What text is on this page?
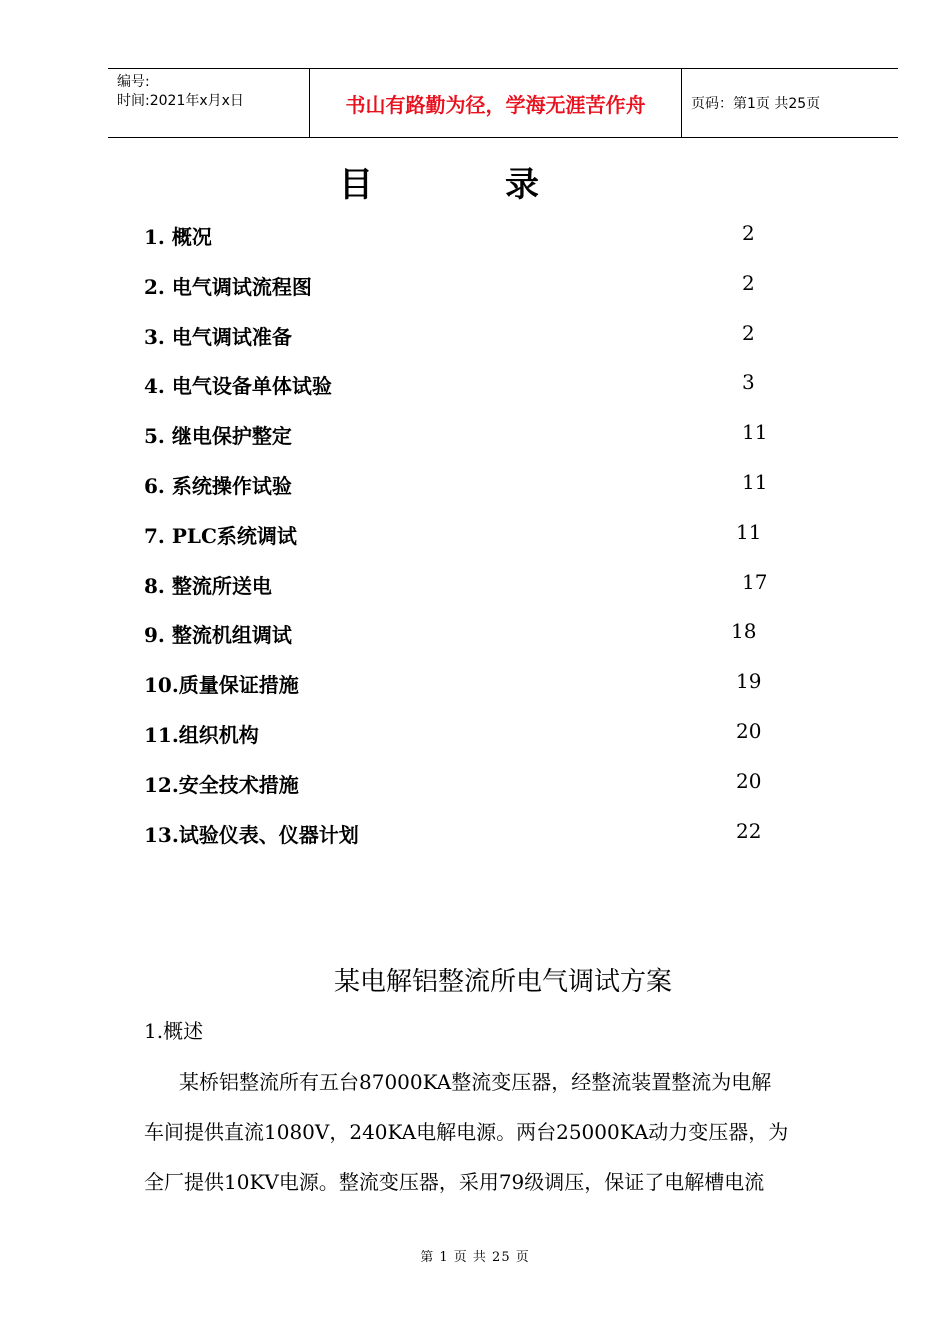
编号:
时间:2021年x月x日	书山有路勤为径，学海无涯苦作舟	页码：第1页 共25页
目录
1. 概况	2
2. 电气调试流程图	2
3. 电气调试准备	2
4. 电气设备单体试验	3
5. 继电保护整定	11
6. 系统操作试验	11
7. PLC系统调试	11
8. 整流所送电	17
9. 整流机组调试	18
10.质量保证措施	19
11.组织机构	20
12.安全技术措施	20
13.试验仪表、仪器计划	22
某电解铝整流所电气调试方案
1.概述
某桥铝整流所有五台87000KA整流变压器，经整流装置整流为电解
车间提供直流1080V，240KA电解电源。两台25000KA动力变压器，为
全厂提供10KV电源。整流变压器，采用79级调压，保证了电解槽电流
第 1 页 共 25 页
